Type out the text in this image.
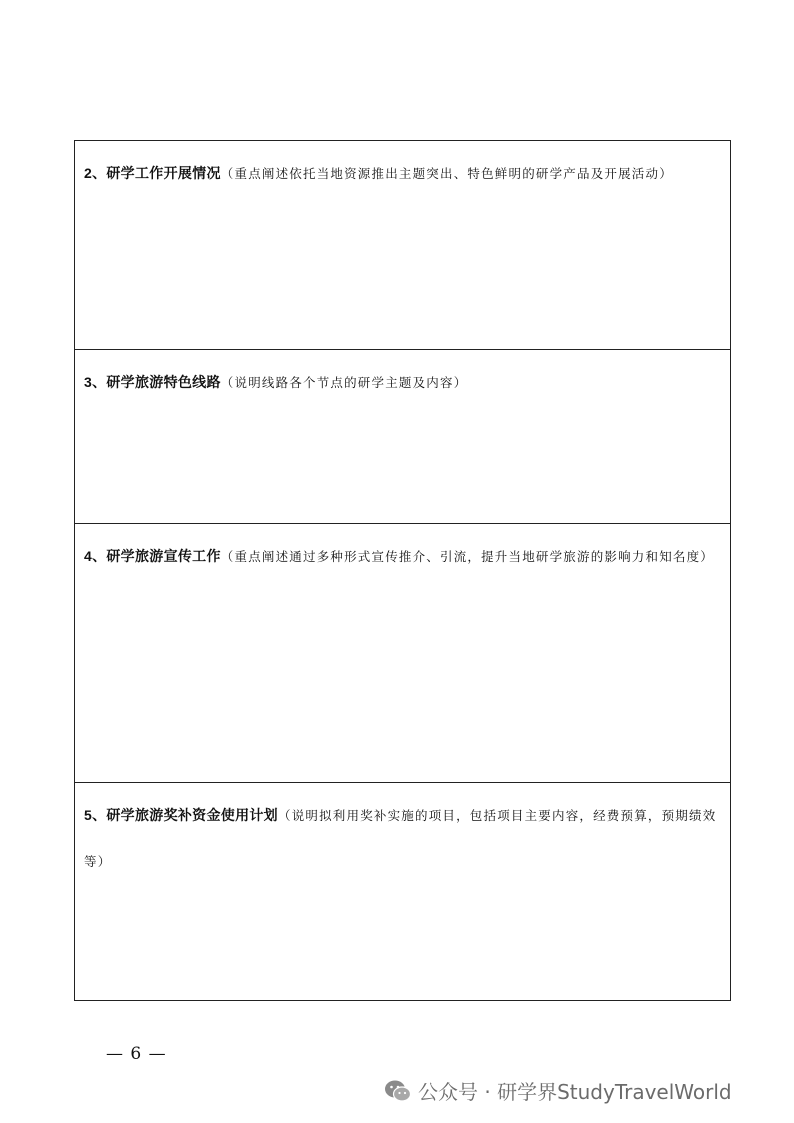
2、研学工作开展情况（重点阐述依托当地资源推出主题突出、特色鲜明的研学产品及开展活动）

3、研学旅游特色线路（说明线路各个节点的研学主题及内容）

4、研学旅游宣传工作（重点阐述通过多种形式宣传推介、引流，提升当地研学旅游的影响力和知名度）

5、研学旅游奖补资金使用计划（说明拟利用奖补实施的项目，包括项目主要内容，经费预算，预期绩效等）

— 6 —
公众号 · 研学界StudyTravelWorld
